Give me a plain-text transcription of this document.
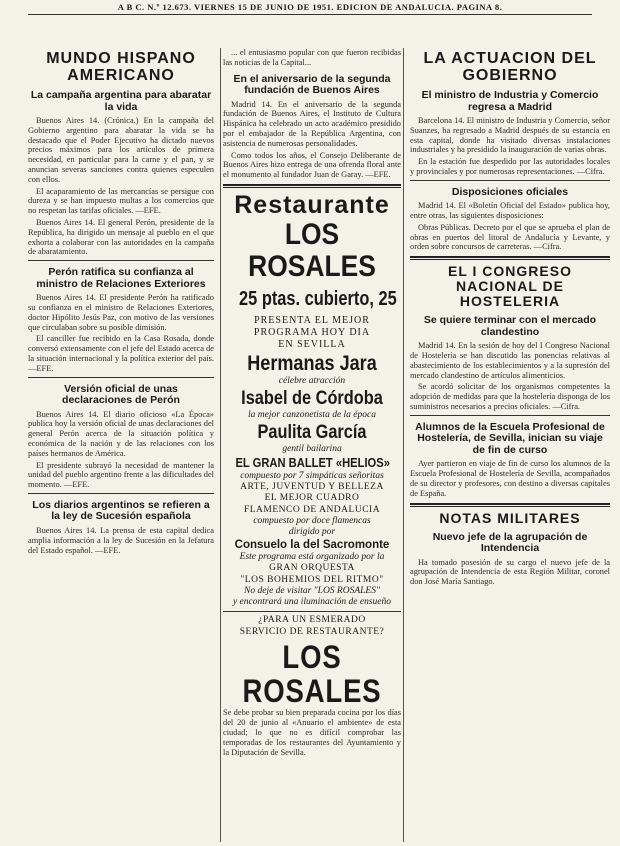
A B C. N.º 12.673. VIERNES 15 DE JUNIO DE 1951. EDICION DE ANDALUCIA. PAGINA 8.
MUNDO HISPANO
AMERICANO
La campaña argentina para abaratar la vida

Buenos Aires 14. (Crónica.) En la campaña del Gobierno argentino para abaratar la vida se ha destacado que el Poder Ejecutivo ha dictado nuevos precios máximos para los artículos de primera necesidad, en particular para la carne y el pan, y se anuncian severas sanciones contra quienes especulen con ellos.

El acaparamiento de las mercancías se persigue con dureza y se han impuesto multas a los comercios que no respetan las tarifas oficiales. —EFE.

Buenos Aires 14. El general Perón, presidente de la República, ha dirigido un mensaje al pueblo en el que exhorta a colaborar con las autoridades en la campaña de abaratamiento.

Perón ratifica su confianza al ministro de Relaciones Exteriores

Buenos Aires 14. El presidente Perón ha ratificado su confianza en el ministro de Relaciones Exteriores, doctor Hipólito Jesús Paz, con motivo de las versiones que circulaban sobre su posible dimisión.

El canciller fue recibido en la Casa Rosada, donde conversó extensamente con el jefe del Estado acerca de la situación internacional y la política exterior del país. —EFE.

Versión oficial de unas declaraciones de Perón

Buenos Aires 14. El diario oficioso «La Época» publica hoy la versión oficial de unas declaraciones del general Perón acerca de la situación política y económica de la nación y de las relaciones con los países hermanos de América.

El presidente subrayó la necesidad de mantener la unidad del pueblo argentino frente a las dificultades del momento. —EFE.

Los diarios argentinos se refieren a la ley de Sucesión española

Buenos Aires 14. La prensa de esta capital dedica amplia información a la ley de Sucesión en la Jefatura del Estado español. —EFE.

... el entusiasmo popular con que fueron recibidas las noticias de la Capital...

En el aniversario de la segunda fundación de Buenos Aires

Madrid 14. En el aniversario de la segunda fundación de Buenos Aires, el Instituto de Cultura Hispánica ha celebrado un acto académico presidido por el embajador de la República Argentina, con asistencia de numerosas personalidades.

Como todos los años, el Consejo Deliberante de Buenos Aires hizo entrega de una ofrenda floral ante el monumento al fundador Juan de Garay. —EFE.

Restaurante
LOS ROSALES
25 ptas. cubierto, 25
PRESENTA EL MEJOR
PROGRAMA HOY DIA
EN SEVILLA
Hermanas Jara
célebre atracción
Isabel de Córdoba
la mejor canzonetista de la época
Paulita García
gentil bailarina
EL GRAN BALLET «HELIOS»
compuesto por 7 simpáticas señoritas
ARTE, JUVENTUD Y BELLEZA
EL MEJOR CUADRO
FLAMENCO DE ANDALUCIA
compuesto por doce flamencas
dirigido por
Consuelo la del Sacromonte
Este programa está organizado por la
GRAN ORQUESTA
"LOS BOHEMIOS DEL RITMO"
No deje de visitar "LOS ROSALES"
y encontrará una iluminación de ensueño
¿PARA UN ESMERADO
SERVICIO DE RESTAURANTE?
LOS ROSALES

Se debe probar su bien preparada cocina por los días del 20 de junio al «Anuario el ambiente» de esta ciudad; lo que no es difícil comprobar las temporadas de los restaurantes del Ayuntamiento y la Diputación de Sevilla.

LA ACTUACION DEL
GOBIERNO
El ministro de Industria y Comercio regresa a Madrid

Barcelona 14. El ministro de Industria y Comercio, señor Suanzes, ha regresado a Madrid después de su estancia en esta capital, donde ha visitado diversas instalaciones industriales y ha presidido la inauguración de varias obras.

En la estación fue despedido por las autoridades locales y provinciales y por numerosas representaciones. —Cifra.

Disposiciones oficiales

Madrid 14. El «Boletín Oficial del Estado» publica hoy, entre otras, las siguientes disposiciones:

Obras Públicas. Decreto por el que se aprueba el plan de obras en puertos del litoral de Andalucía y Levante, y orden sobre concursos de carreteras. —Cifra.

EL I CONGRESO NACIONAL DE HOSTELERIA
Se quiere terminar con el mercado clandestino

Madrid 14. En la sesión de hoy del I Congreso Nacional de Hostelería se han discutido las ponencias relativas al abastecimiento de los establecimientos y a la supresión del mercado clandestino de artículos alimenticios.

Se acordó solicitar de los organismos competentes la adopción de medidas para que la hostelería disponga de los suministros necesarios a precios oficiales. —Cifra.

Alumnos de la Escuela Profesional de Hostelería, de Sevilla, inician su viaje de fin de curso

Ayer partieron en viaje de fin de curso los alumnos de la Escuela Profesional de Hostelería de Sevilla, acompañados de su director y profesores, con destino a diversas capitales de España.

NOTAS MILITARES
Nuevo jefe de la agrupación de Intendencia

Ha tomado posesión de su cargo el nuevo jefe de la agrupación de Intendencia de esta Región Militar, coronel don José María Santiago.
